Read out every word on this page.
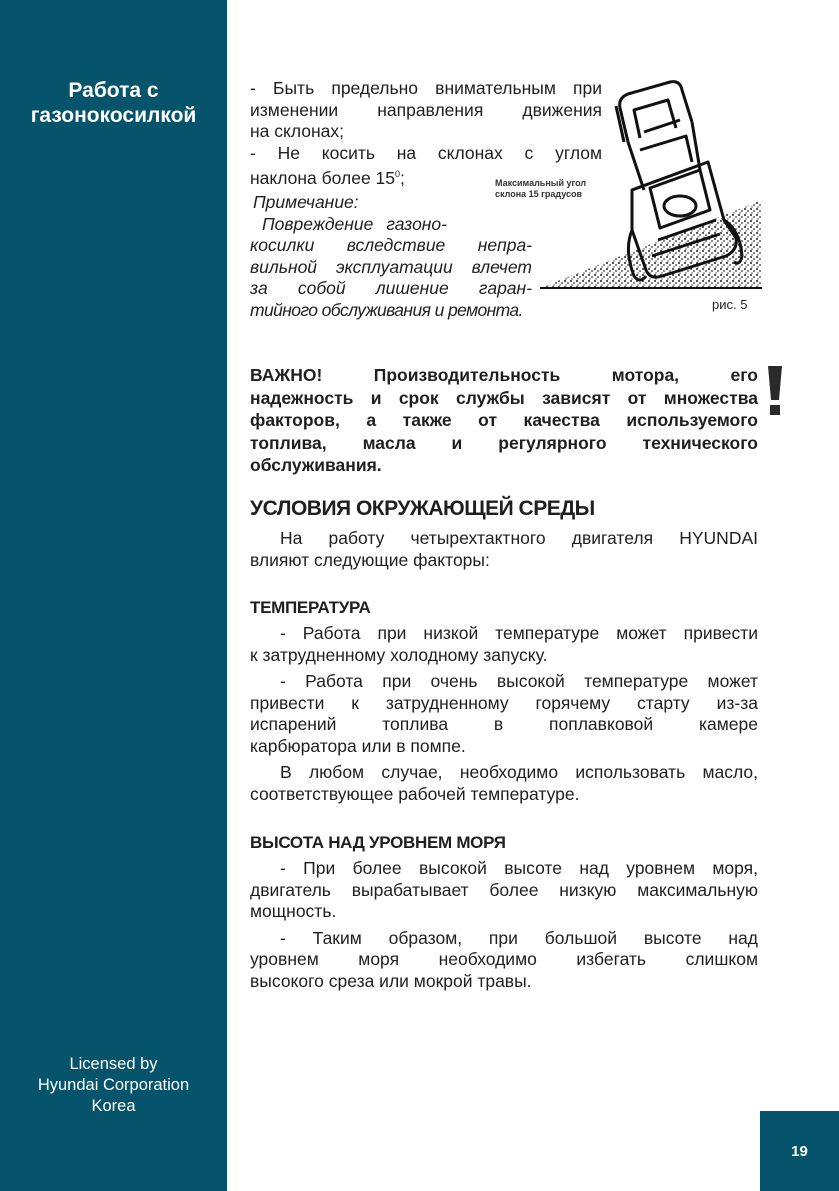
Работа с
газонокосилкой
Licensed by
Hyundai Corporation
Korea
- Быть предельно внимательным при
изменении направления движения
на склонах;
- Не косить на склонах с углом
наклона более $15^0$;
Примечание:
Повреждение газоно-
косилки вследствие непра-
вильной эксплуатации влечет
за собой лишение гаран-
тийного обслуживания и ремонта.
Максимальный угол
склона 15 градусов
рис. 5
ВАЖНО! Производительность мотора, его
надежность и срок службы зависят от множества
факторов, а также от качества используемого
топлива, масла и регулярного технического
обслуживания.
УСЛОВИЯ ОКРУЖАЮЩЕЙ СРЕДЫ
На работу четырехтактного двигателя HYUNDAI
влияют следующие факторы:
ТЕМПЕРАТУРА
- Работа при низкой температуре может привести
к затрудненному холодному запуску.
- Работа при очень высокой температуре может
привести к затрудненному горячему старту из-за
испарений топлива в поплавковой камере
карбюратора или в помпе.
В любом случае, необходимо использовать масло,
соответствующее рабочей температуре.
ВЫСОТА НАД УРОВНЕМ МОРЯ
- При более высокой высоте над уровнем моря,
двигатель вырабатывает более низкую максимальную
мощность.
- Таким образом, при большой высоте над
уровнем моря необходимо избегать слишком
высокого среза или мокрой травы.
19
